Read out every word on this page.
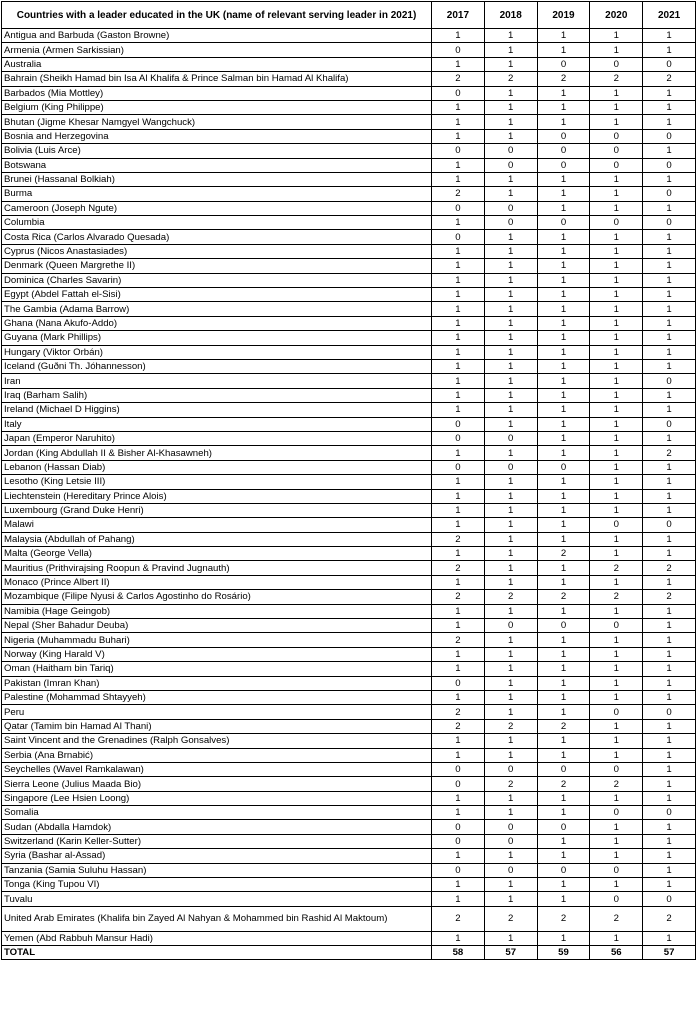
Countries with a leader educated in the UK (name of relevant serving leader in 2021)	2017	2018	2019	2020	2021
Antigua and Barbuda (Gaston Browne)	1	1	1	1	1
Armenia (Armen Sarkissian)	0	1	1	1	1
Australia	1	1	0	0	0
Bahrain (Sheikh Hamad bin Isa Al Khalifa & Prince Salman bin Hamad Al Khalifa)	2	2	2	2	2
Barbados (Mia Mottley)	0	1	1	1	1
Belgium (King Philippe)	1	1	1	1	1
Bhutan (Jigme Khesar Namgyel Wangchuck)	1	1	1	1	1
Bosnia and Herzegovina	1	1	0	0	0
Bolivia (Luis Arce)	0	0	0	0	1
Botswana	1	0	0	0	0
Brunei (Hassanal Bolkiah)	1	1	1	1	1
Burma	2	1	1	1	0
Cameroon (Joseph Ngute)	0	0	1	1	1
Columbia	1	0	0	0	0
Costa Rica (Carlos Alvarado Quesada)	0	1	1	1	1
Cyprus (Nicos Anastasiades)	1	1	1	1	1
Denmark (Queen Margrethe II)	1	1	1	1	1
Dominica (Charles Savarin)	1	1	1	1	1
Egypt (Abdel Fattah el-Sisi)	1	1	1	1	1
The Gambia (Adama Barrow)	1	1	1	1	1
Ghana (Nana Akufo-Addo)	1	1	1	1	1
Guyana (Mark Phillips)	1	1	1	1	1
Hungary (Viktor Orbán)	1	1	1	1	1
Iceland (Guðni Th. Jóhannesson)	1	1	1	1	1
Iran	1	1	1	1	0
Iraq (Barham Salih)	1	1	1	1	1
Ireland (Michael D Higgins)	1	1	1	1	1
Italy	0	1	1	1	0
Japan (Emperor Naruhito)	0	0	1	1	1
Jordan (King Abdullah II & Bisher Al-Khasawneh)	1	1	1	1	2
Lebanon (Hassan Diab)	0	0	0	1	1
Lesotho (King Letsie III)	1	1	1	1	1
Liechtenstein (Hereditary Prince Alois)	1	1	1	1	1
Luxembourg (Grand Duke Henri)	1	1	1	1	1
Malawi	1	1	1	0	0
Malaysia (Abdullah of Pahang)	2	1	1	1	1
Malta (George Vella)	1	1	2	1	1
Mauritius (Prithvirajsing Roopun & Pravind Jugnauth)	2	1	1	2	2
Monaco (Prince Albert II)	1	1	1	1	1
Mozambique (Filipe Nyusi & Carlos Agostinho do Rosário)	2	2	2	2	2
Namibia (Hage Geingob)	1	1	1	1	1
Nepal (Sher Bahadur Deuba)	1	0	0	0	1
Nigeria (Muhammadu Buhari)	2	1	1	1	1
Norway (King Harald V)	1	1	1	1	1
Oman (Haitham bin Tariq)	1	1	1	1	1
Pakistan (Imran Khan)	0	1	1	1	1
Palestine (Mohammad Shtayyeh)	1	1	1	1	1
Peru	2	1	1	0	0
Qatar (Tamim bin Hamad Al Thani)	2	2	2	1	1
Saint Vincent and the Grenadines (Ralph Gonsalves)	1	1	1	1	1
Serbia (Ana Brnabić)	1	1	1	1	1
Seychelles (Wavel Ramkalawan)	0	0	0	0	1
Sierra Leone (Julius Maada Bio)	0	2	2	2	1
Singapore (Lee Hsien Loong)	1	1	1	1	1
Somalia	1	1	1	0	0
Sudan (Abdalla Hamdok)	0	0	0	1	1
Switzerland (Karin Keller-Sutter)	0	0	1	1	1
Syria (Bashar al-Assad)	1	1	1	1	1
Tanzania (Samia Suluhu Hassan)	0	0	0	0	1
Tonga (King Tupou VI)	1	1	1	1	1
Tuvalu	1	1	1	0	0
United Arab Emirates (Khalifa bin Zayed Al Nahyan & Mohammed bin Rashid Al Maktoum)	2	2	2	2	2
Yemen (Abd Rabbuh Mansur Hadi)	1	1	1	1	1
TOTAL	58	57	59	56	57
